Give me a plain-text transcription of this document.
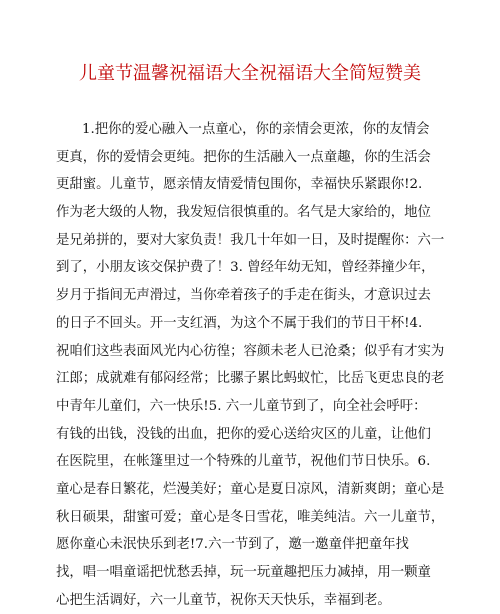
儿童节温馨祝福语大全祝福语大全简短赞美
1.把你的爱心融入一点童心，你的亲情会更浓，你的友情会
更真，你的爱情会更纯。把你的生活融入一点童趣，你的生活会
更甜蜜。儿童节，愿亲情友情爱情包围你，幸福快乐紧跟你!2.
作为老大级的人物，我发短信很慎重的。名气是大家给的，地位
是兄弟拼的，要对大家负责！我几十年如一日，及时提醒你：六一
到了，小朋友该交保护费了！3. 曾经年幼无知，曾经莽撞少年，
岁月于指间无声滑过，当你牵着孩子的手走在街头，才意识过去
的日子不回头。开一支红酒，为这个不属于我们的节日干杯!4.
祝咱们这些表面风光内心彷徨；容颜未老人已沧桑；似乎有才实为
江郎；成就难有郁闷经常；比骡子累比蚂蚁忙，比岳飞更忠良的老
中青年儿童们，六一快乐!5. 六一儿童节到了，向全社会呼吁：
有钱的出钱，没钱的出血，把你的爱心送给灾区的儿童，让他们
在医院里，在帐篷里过一个特殊的儿童节，祝他们节日快乐。6.
童心是春日繁花，烂漫美好；童心是夏日凉风，清新爽朗；童心是
秋日硕果，甜蜜可爱；童心是冬日雪花，唯美纯洁。六一儿童节，
愿你童心未泯快乐到老!7.六一节到了，邀一邀童伴把童年找
找，唱一唱童谣把忧愁丢掉，玩一玩童趣把压力减掉，用一颗童
心把生活调好，六一儿童节，祝你天天快乐，幸福到老。
